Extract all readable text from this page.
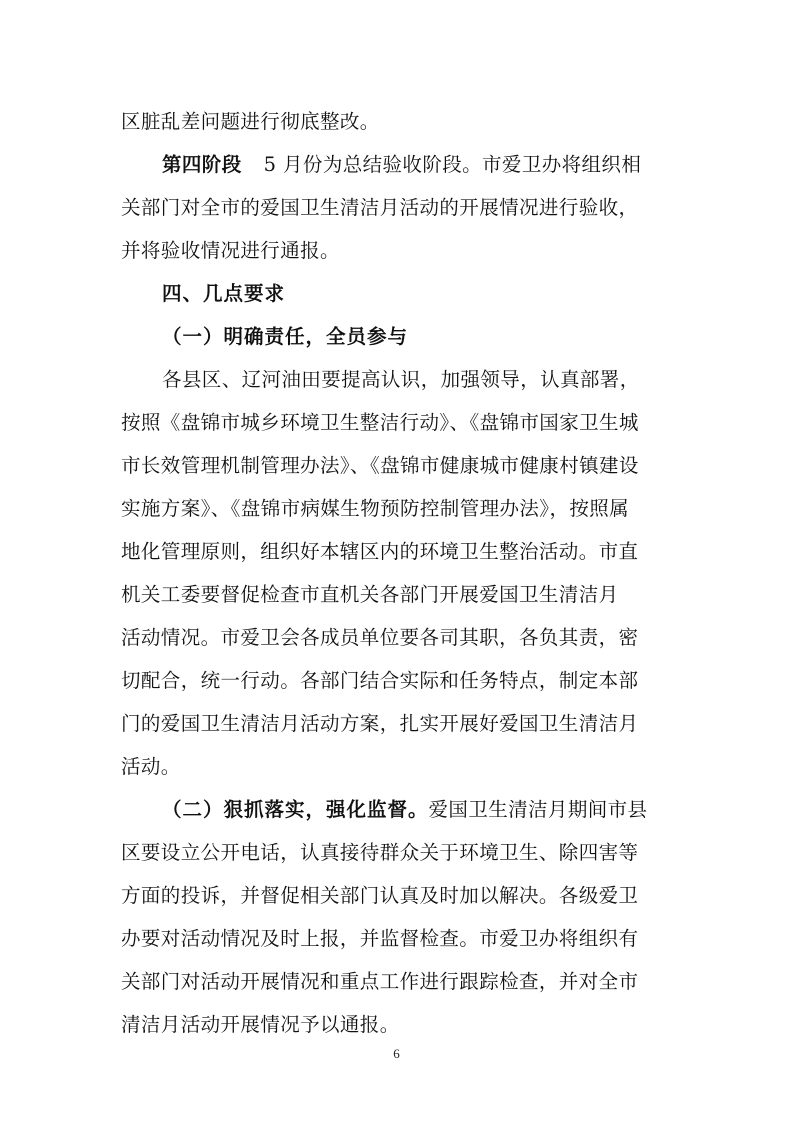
区脏乱差问题进行彻底整改。
第四阶段 5 月份为总结验收阶段。市爱卫办将组织相
关部门对全市的爱国卫生清洁月活动的开展情况进行验收，
并将验收情况进行通报。
四、几点要求
（一）明确责任，全员参与
各县区、辽河油田要提高认识，加强领导，认真部署，
按照《盘锦市城乡环境卫生整洁行动》、《盘锦市国家卫生城
市长效管理机制管理办法》、《盘锦市健康城市健康村镇建设
实施方案》、《盘锦市病媒生物预防控制管理办法》，按照属
地化管理原则，组织好本辖区内的环境卫生整治活动。市直
机关工委要督促检查市直机关各部门开展爱国卫生清洁月
活动情况。市爱卫会各成员单位要各司其职，各负其责，密
切配合，统一行动。各部门结合实际和任务特点，制定本部
门的爱国卫生清洁月活动方案，扎实开展好爱国卫生清洁月
活动。
（二）狠抓落实，强化监督。爱国卫生清洁月期间市县
区要设立公开电话，认真接待群众关于环境卫生、除四害等
方面的投诉，并督促相关部门认真及时加以解决。各级爱卫
办要对活动情况及时上报，并监督检查。市爱卫办将组织有
关部门对活动开展情况和重点工作进行跟踪检查，并对全市
清洁月活动开展情况予以通报。
6
